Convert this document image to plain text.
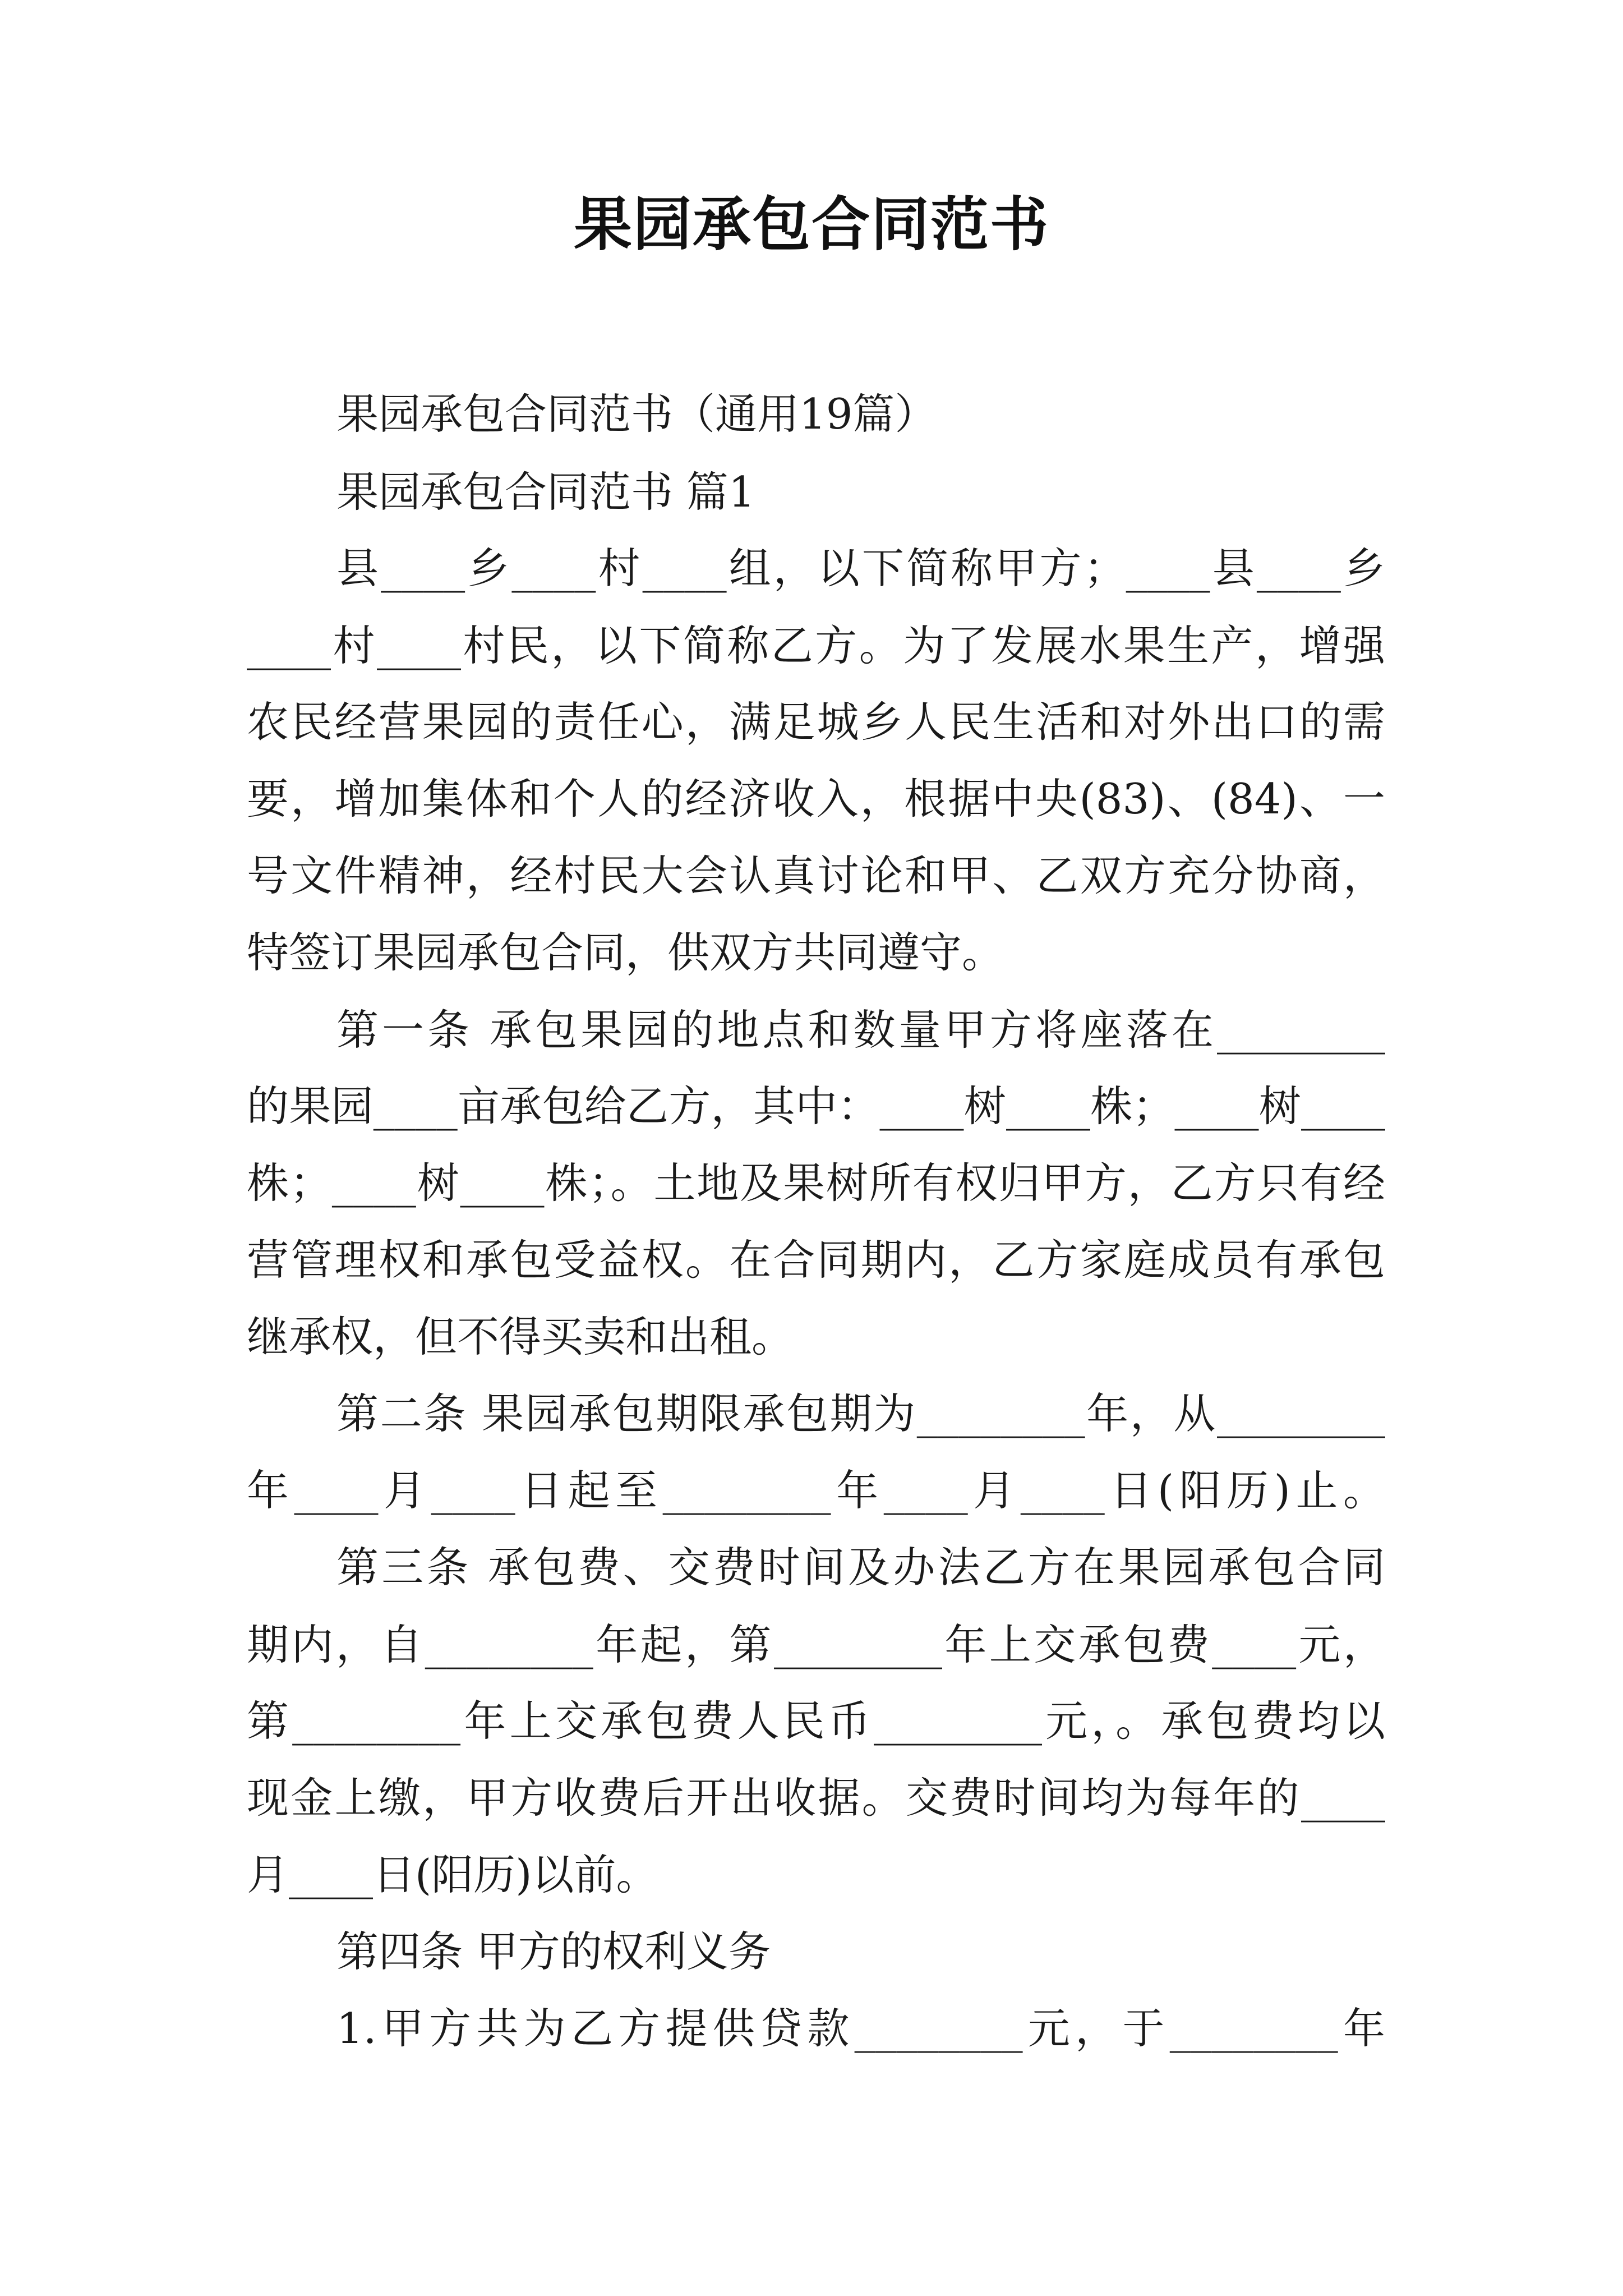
果园承包合同范书
果园承包合同范书（通用19篇）
果园承包合同范书 篇1
县____乡____村____组，以下简称甲方；____县____乡
____村____村民，以下简称乙方。为了发展水果生产，增强
农民经营果园的责任心，满足城乡人民生活和对外出口的需
要，增加集体和个人的经济收入，根据中央(83)、(84)、一
号文件精神，经村民大会认真讨论和甲、乙双方充分协商，
特签订果园承包合同，供双方共同遵守。
第一条 承包果园的地点和数量甲方将座落在________
的果园____亩承包给乙方，其中：____树____株；____树____
株；____树____株；。土地及果树所有权归甲方，乙方只有经
营管理权和承包受益权。在合同期内，乙方家庭成员有承包
继承权，但不得买卖和出租。
第二条 果园承包期限承包期为________年，从________
年____月____日起至________年____月____日(阳历)止。
第三条 承包费、交费时间及办法乙方在果园承包合同
期内，自________年起，第________年上交承包费____元，
第________年上交承包费人民币________元，。承包费均以
现金上缴，甲方收费后开出收据。交费时间均为每年的____
月____日(阳历)以前。
第四条 甲方的权利义务
1.甲方共为乙方提供贷款________元，于________年
